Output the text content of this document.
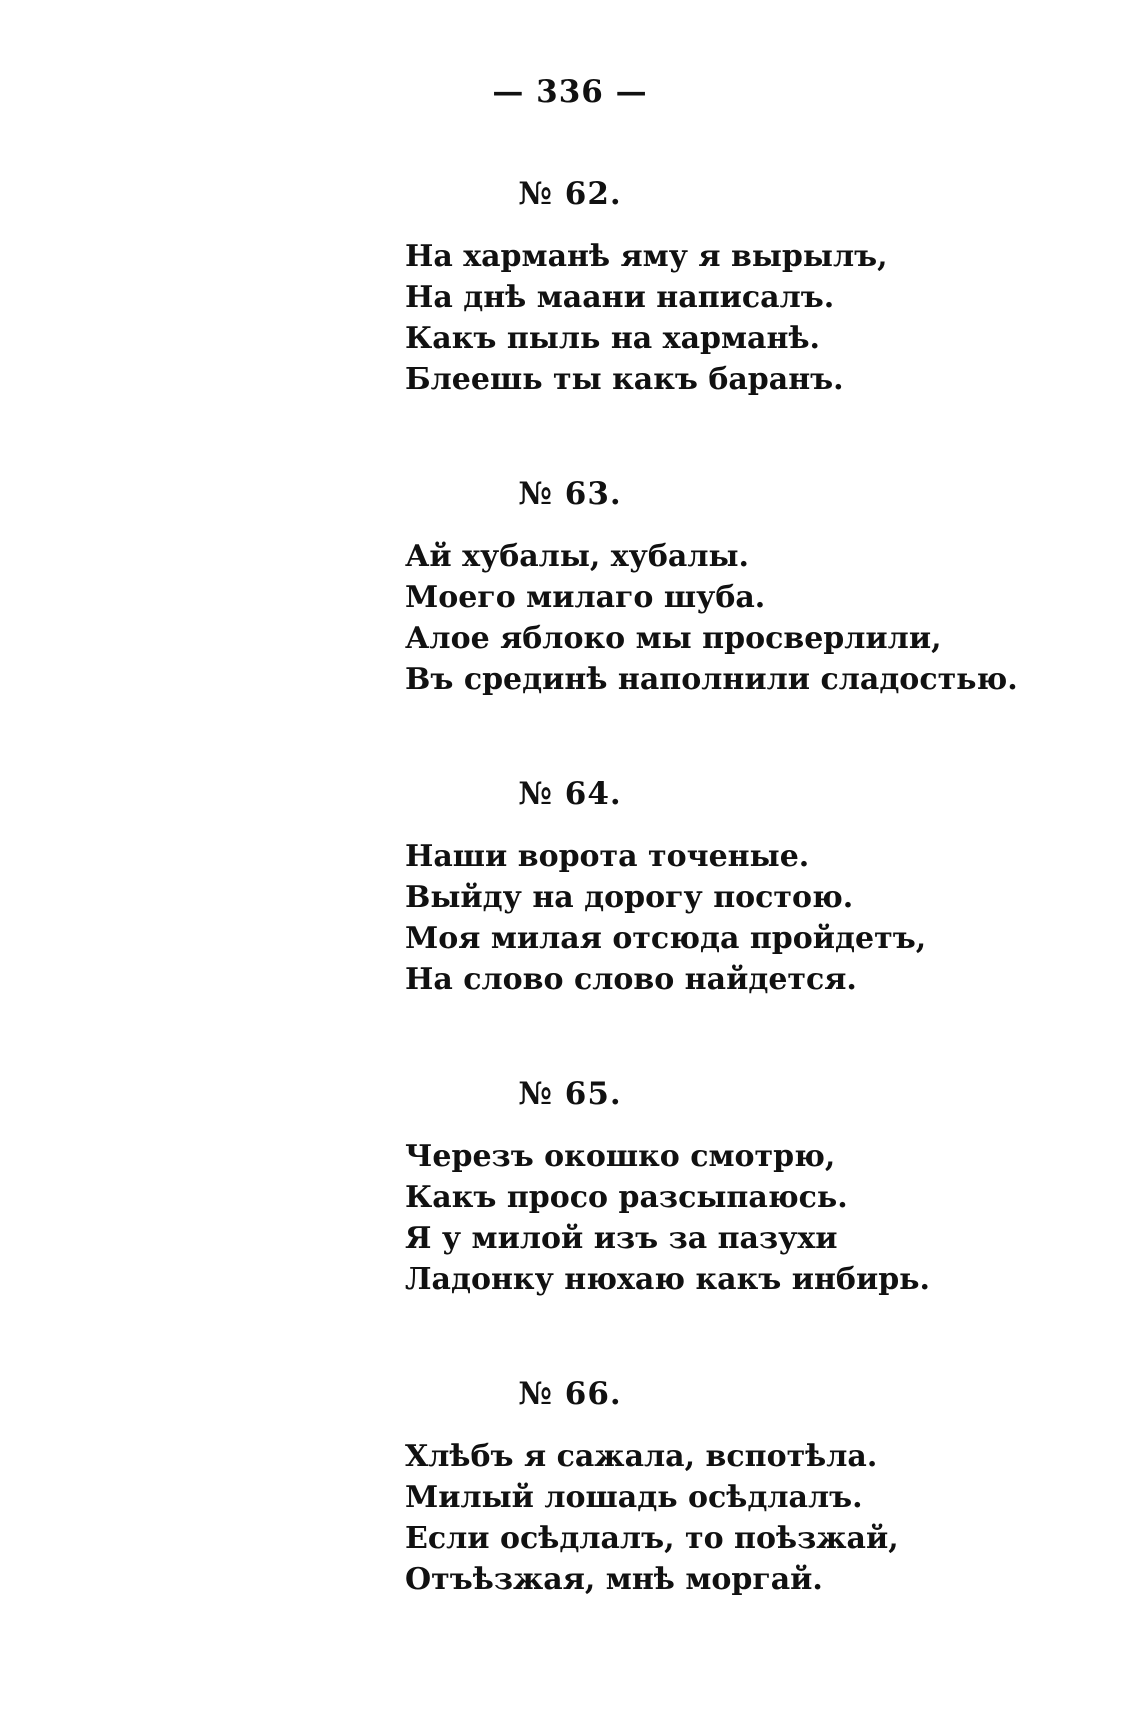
— 336 —
№ 62.
На харманѣ яму я вырылъ,
На днѣ маани написалъ.
Какъ пыль на харманѣ.
Блеешь ты какъ баранъ.
№ 63.
Ай хубалы, хубалы.
Моего милаго шуба.
Алое яблоко мы просверлили,
Въ срединѣ наполнили сладостью.
№ 64.
Наши ворота точеные.
Выйду на дорогу постою.
Моя милая отсюда пройдетъ,
На слово слово найдется.
№ 65.
Черезъ окошко смотрю,
Какъ просо разсыпаюсь.
Я у милой изъ за пазухи
Ладонку нюхаю какъ инбирь.
№ 66.
Хлѣбъ я сажала, вспотѣла.
Милый лошадь осѣдлалъ.
Если осѣдлалъ, то поѣзжай,
Отъѣзжая, мнѣ моргай.
